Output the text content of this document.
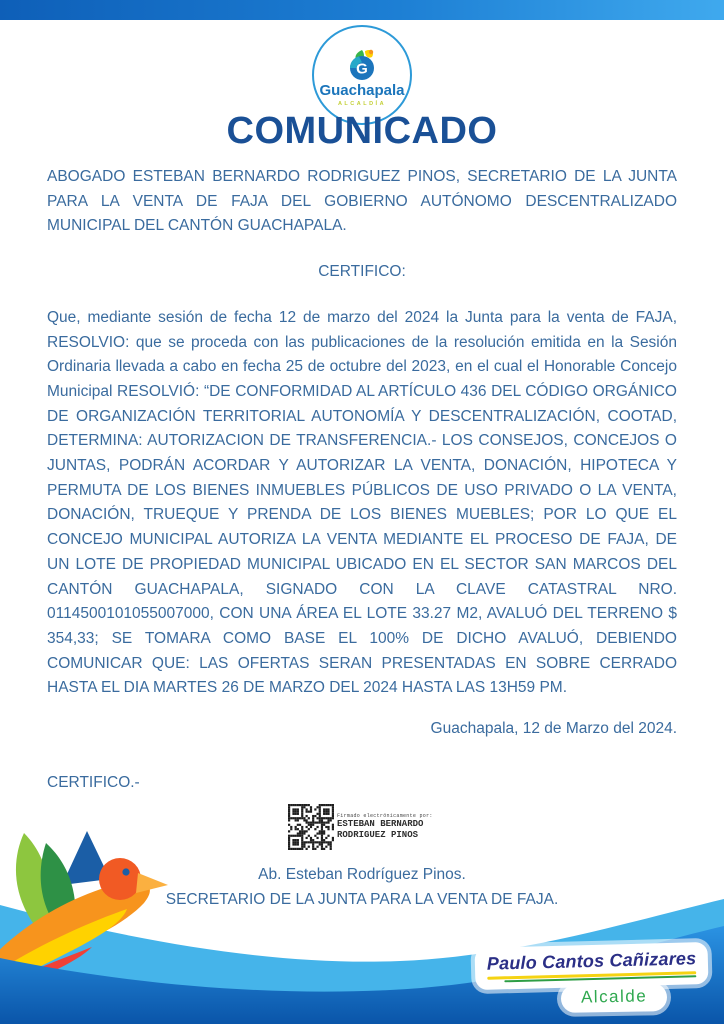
G
Guachapala
ALCALDÍA
COMUNICADO

ABOGADO ESTEBAN BERNARDO RODRIGUEZ PINOS, SECRETARIO DE LA JUNTA PARA LA VENTA DE FAJA DEL GOBIERNO AUTÓNOMO DESCENTRALIZADO MUNICIPAL DEL CANTÓN GUACHAPALA.

CERTIFICO:

Que, mediante sesión de fecha 12 de marzo del 2024 la Junta para la venta de FAJA, RESOLVIO: que se proceda con las publicaciones de la resolución emitida en la Sesión Ordinaria llevada a cabo en fecha 25 de octubre del 2023, en el cual el Honorable Concejo Municipal RESOLVIÓ: “DE CONFORMIDAD AL ARTÍCULO 436 DEL CÓDIGO ORGÁNICO DE ORGANIZACIÓN TERRITORIAL AUTONOMÍA Y DESCENTRALIZACIÓN, COOTAD, DETERMINA: AUTORIZACION DE TRANSFERENCIA.- LOS CONSEJOS, CONCEJOS O JUNTAS, PODRÁN ACORDAR Y AUTORIZAR LA VENTA, DONACIÓN, HIPOTECA Y PERMUTA DE LOS BIENES INMUEBLES PÚBLICOS DE USO PRIVADO O LA VENTA, DONACIÓN, TRUEQUE Y PRENDA DE LOS BIENES MUEBLES; POR LO QUE EL CONCEJO MUNICIPAL AUTORIZA LA VENTA MEDIANTE EL PROCESO DE FAJA, DE UN LOTE DE PROPIEDAD MUNICIPAL UBICADO EN EL SECTOR SAN MARCOS DEL CANTÓN GUACHAPALA, SIGNADO CON LA CLAVE CATASTRAL NRO. 0114500101055007000, CON UNA ÁREA EL LOTE 33.27 M2, AVALUÓ DEL TERRENO $ 354,33; SE TOMARA COMO BASE EL 100% DE DICHO AVALUÓ, DEBIENDO COMUNICAR QUE: LAS OFERTAS SERAN PRESENTADAS EN SOBRE CERRADO HASTA EL DIA MARTES 26 DE MARZO DEL 2024 HASTA LAS 13H59 PM.

Guachapala, 12 de Marzo del 2024.
CERTIFICO.-
Firmado electrónicamente por:
ESTEBAN BERNARDO
RODRIGUEZ PINOS
Ab. Esteban Rodríguez Pinos.
SECRETARIO DE LA JUNTA PARA LA VENTA DE FAJA.
Paulo Cantos Cañizares

Alcalde
